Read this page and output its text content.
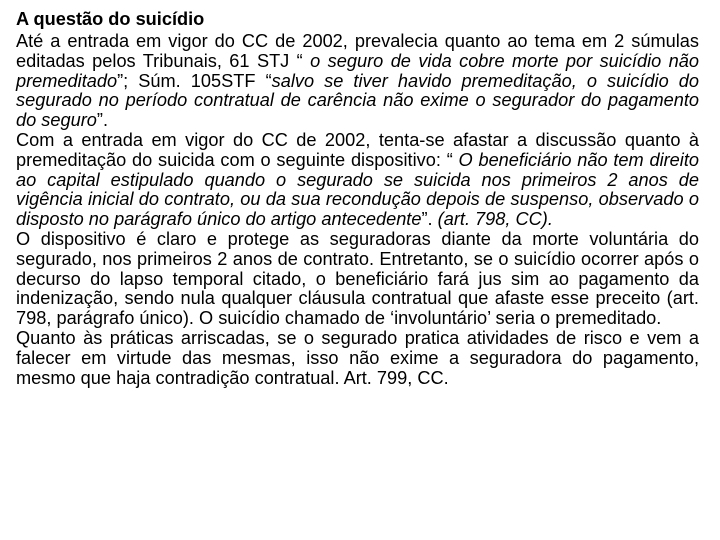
A questão do suicídio

Até a entrada em vigor do CC de 2002, prevalecia quanto ao tema em 2 súmulas editadas pelos Tribunais, 61 STJ “ o seguro de vida cobre morte por suicídio não premeditado”; Súm. 105STF “salvo se tiver havido premeditação, o suicídio do segurado no período contratual de carência não exime o segurador do pagamento do seguro”.

Com a entrada em vigor do CC de 2002, tenta-se afastar a discussão quanto à premeditação do suicida com o seguinte dispositivo: “ O beneficiário não tem direito ao capital estipulado quando o segurado se suicida nos primeiros 2 anos de vigência inicial do contrato, ou da sua recondução depois de suspenso, observado o disposto no parágrafo único do artigo antecedente”. (art. 798, CC).

O dispositivo é claro e protege as seguradoras diante da morte voluntária do segurado, nos primeiros 2 anos de contrato. Entretanto, se o suicídio ocorrer após o decurso do lapso temporal citado, o beneficiário fará jus sim ao pagamento da indenização, sendo nula qualquer cláusula contratual que afaste esse preceito (art. 798, parágrafo único). O suicídio chamado de ‘involuntário’ seria o premeditado.

Quanto às práticas arriscadas, se o segurado pratica atividades de risco e vem a falecer em virtude das mesmas, isso não exime a seguradora do pagamento, mesmo que haja contradição contratual. Art. 799, CC.
